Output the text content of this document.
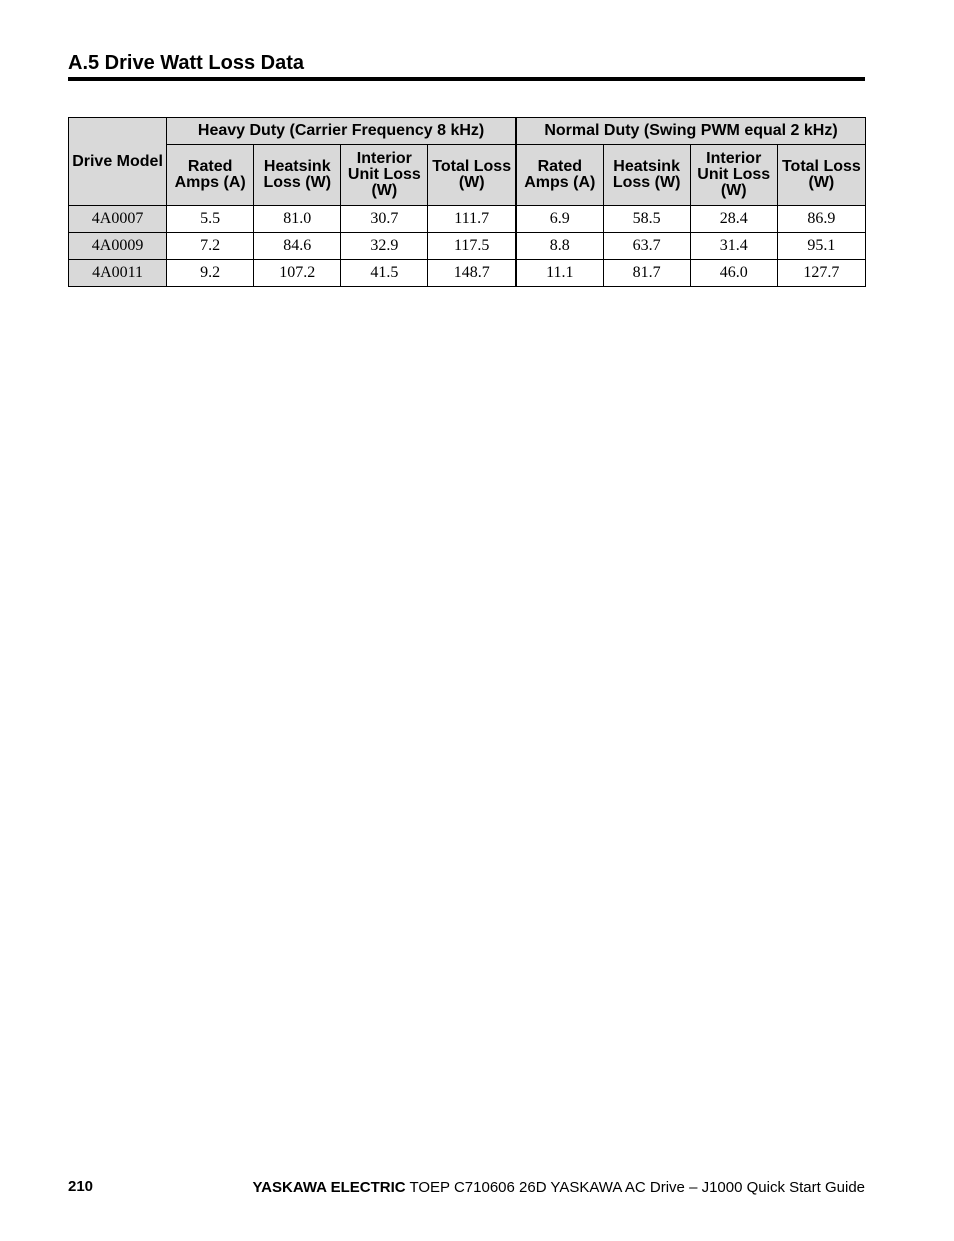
A.5 Drive Watt Loss Data
Drive Model	Heavy Duty (Carrier Frequency 8 kHz)				Normal Duty (Swing PWM equal 2 kHz)			
	Rated Amps (A)	Heatsink Loss (W)	Interior Unit Loss (W)	Total Loss (W)	Rated Amps (A)	Heatsink Loss (W)	Interior Unit Loss (W)	Total Loss (W)
4A0007	5.5	81.0	30.7	111.7	6.9	58.5	28.4	86.9
4A0009	7.2	84.6	32.9	117.5	8.8	63.7	31.4	95.1
4A0011	9.2	107.2	41.5	148.7	11.1	81.7	46.0	127.7
210	YASKAWA ELECTRIC TOEP C710606 26D YASKAWA AC Drive – J1000 Quick Start Guide
